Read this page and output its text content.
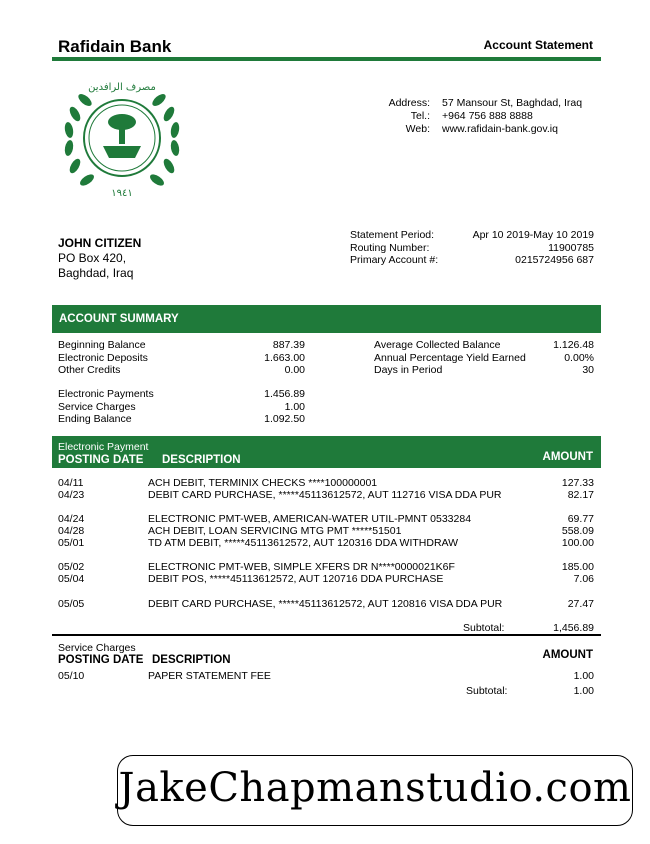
Rafidain Bank	Account Statement
مصرف الرافدين
١٩٤١
Address:	57 Mansour St, Baghdad, Iraq
Tel.:	+964 756 888 8888
Web:	www.rafidain-bank.gov.iq
JOHN CITIZEN
PO Box 420,
Baghdad, Iraq
Statement Period:	Apr 10 2019-May 10 2019
Routing Number:	11900785
Primary Account #:	0215724956 687
ACCOUNT SUMMARY
Beginning Balance	887.39
Electronic Deposits	1.663.00
Other Credits	0.00
Electronic Payments	1.456.89
Service Charges	1.00
Ending Balance	1.092.50
Average Collected Balance	1.126.48
Annual Percentage Yield Earned	0.00%
Days in Period	30
Electronic Payment
POSTING DATE DESCRIPTION	AMOUNT
04/11	ACH DEBIT, TERMINIX CHECKS ****100000001	127.33
04/23	DEBIT CARD PURCHASE, *****45113612572, AUT 112716 VISA DDA PUR	82.17
04/24	ELECTRONIC PMT-WEB, AMERICAN-WATER UTIL-PMNT 0533284	69.77
04/28	ACH DEBIT, LOAN SERVICING MTG PMT *****51501	558.09
05/01	TD ATM DEBIT, *****45113612572, AUT 120316 DDA WITHDRAW	100.00
05/02	ELECTRONIC PMT-WEB, SIMPLE XFERS DR N****0000021K6F	185.00
05/04	DEBIT POS, *****45113612572, AUT 120716 DDA PURCHASE	7.06
05/05	DEBIT CARD PURCHASE, *****45113612572, AUT 120816 VISA DDA PUR	27.47
Subtotal:	1,456.89
Service Charges
POSTING DATE DESCRIPTION	AMOUNT
05/10	PAPER STATEMENT FEE	1.00
Subtotal:	1.00
JakeChapmanstudio.com
